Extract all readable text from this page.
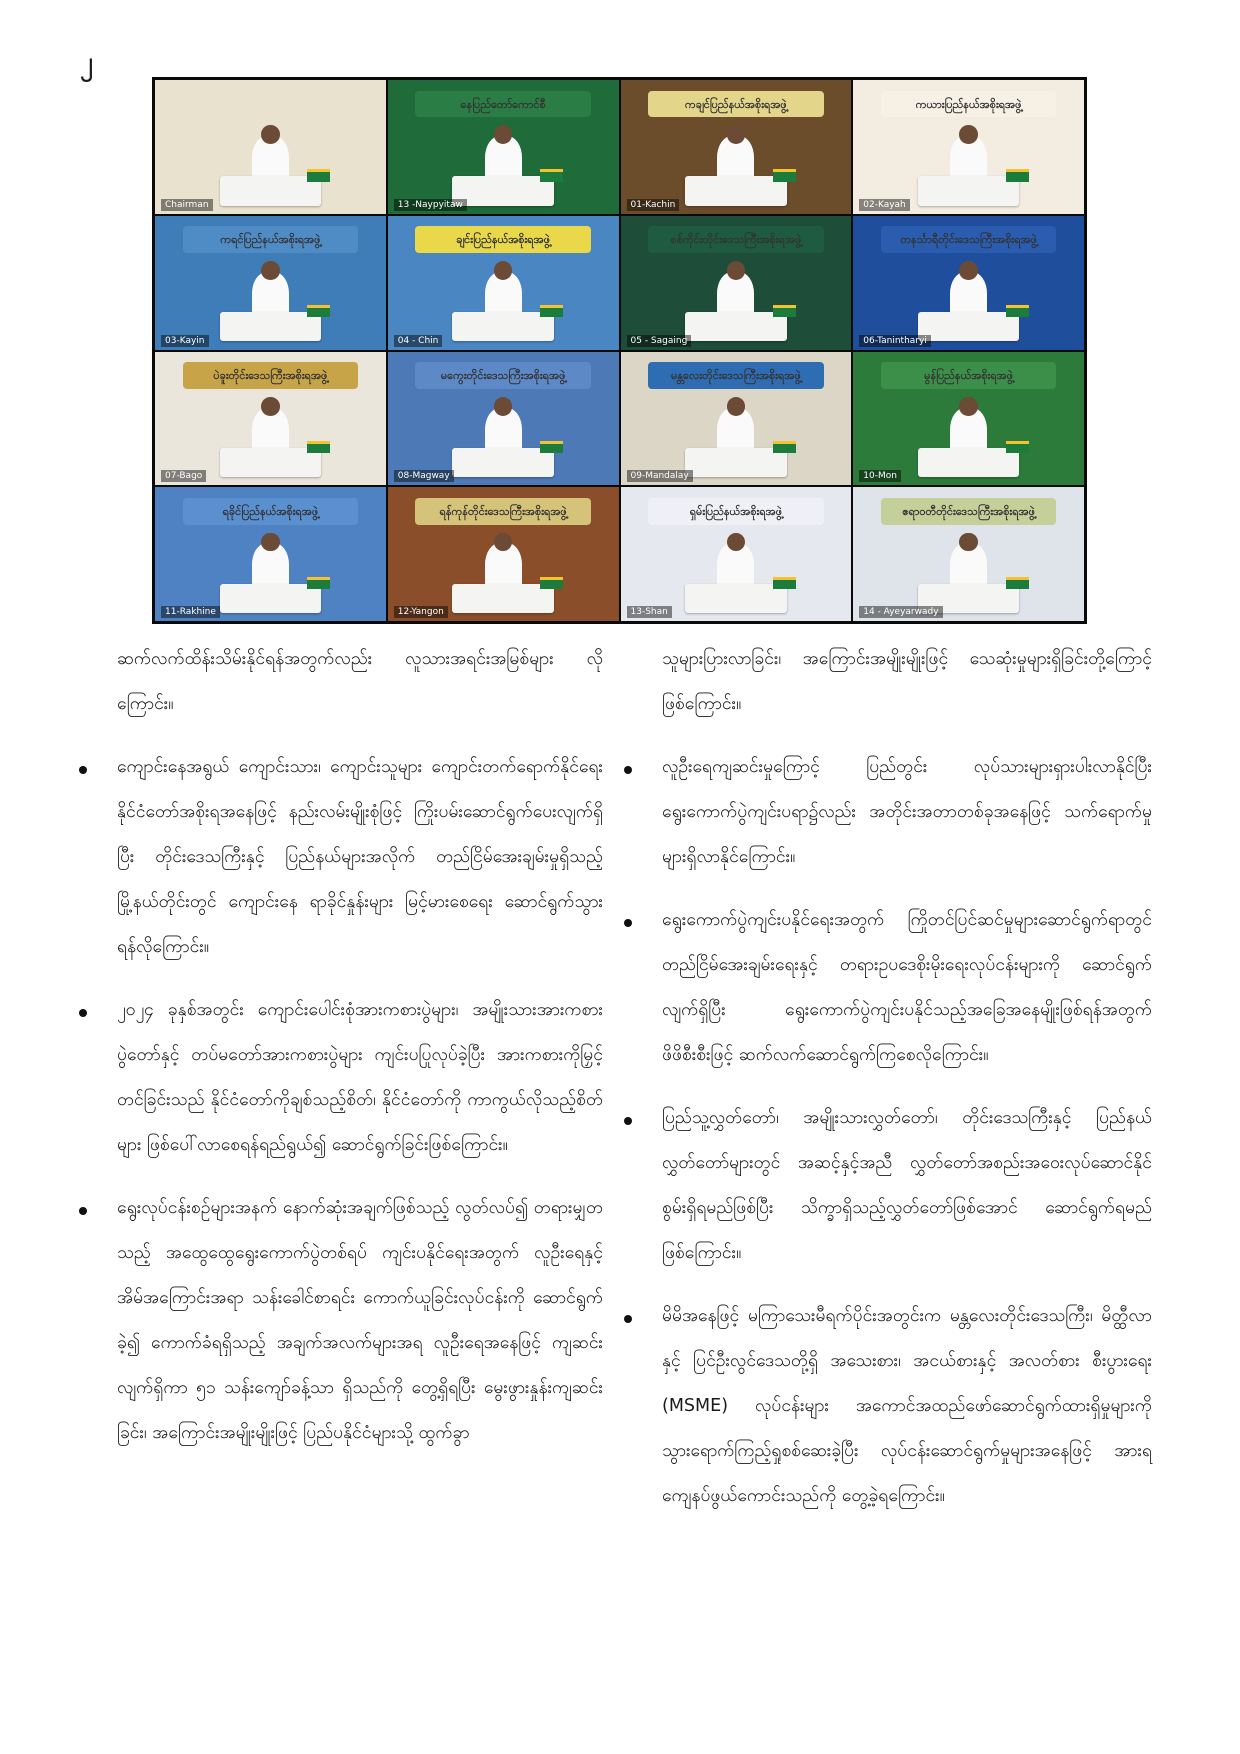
၂
Chairman
နေပြည်တော်ကောင်စီ
13 -Naypyitaw
ကချင်ပြည်နယ်အစိုးရအဖွဲ့
01-Kachin
ကယားပြည်နယ်အစိုးရအဖွဲ့
02-Kayah
ကရင်ပြည်နယ်အစိုးရအဖွဲ့
03-Kayin
ချင်းပြည်နယ်အစိုးရအဖွဲ့
04 - Chin
စစ်ကိုင်းတိုင်းဒေသကြီးအစိုးရအဖွဲ့
05 - Sagaing
တနင်္သာရီတိုင်းဒေသကြီးအစိုးရအဖွဲ့
06-Tanintharyi
ပဲခူးတိုင်းဒေသကြီးအစိုးရအဖွဲ့
07-Bago
မကွေးတိုင်းဒေသကြီးအစိုးရအဖွဲ့
08-Magway
မန္တလေးတိုင်းဒေသကြီးအစိုးရအဖွဲ့
09-Mandalay
မွန်ပြည်နယ်အစိုးရအဖွဲ့
10-Mon
ရခိုင်ပြည်နယ်အစိုးရအဖွဲ့
11-Rakhine
ရန်ကုန်တိုင်းဒေသကြီးအစိုးရအဖွဲ့
12-Yangon
ရှမ်းပြည်နယ်အစိုးရအဖွဲ့
13-Shan
ဧရာဝတီတိုင်းဒေသကြီးအစိုးရအဖွဲ့
14 - Ayeyarwady

ဆက်လက်ထိန်းသိမ်းနိုင်ရန်အတွက်လည်း လူသားအရင်းအမြစ်များ လိုကြောင်း။

ကျောင်းနေအရွယ် ကျောင်းသား၊ ကျောင်းသူများ ကျောင်းတက်ရောက်နိုင်ရေး နိုင်ငံတော်အစိုးရအနေဖြင့် နည်းလမ်းမျိုးစုံဖြင့် ကြိုးပမ်းဆောင်ရွက်ပေးလျက်ရှိပြီး တိုင်းဒေသကြီးနှင့် ပြည်နယ်များအလိုက် တည်ငြိမ်အေးချမ်းမှုရှိသည့် မြို့နယ်တိုင်းတွင် ကျောင်းနေ ရာခိုင်နှုန်းများ မြင့်မားစေရေး ဆောင်ရွက်သွားရန်လိုကြောင်း။

၂၀၂၄ ခုနှစ်အတွင်း ကျောင်းပေါင်းစုံအားကစားပွဲများ၊ အမျိုးသားအားကစားပွဲတော်နှင့် တပ်မတော်အားကစားပွဲများ ကျင်းပပြုလုပ်ခဲ့ပြီး အားကစားကိုမြှင့်တင်ခြင်းသည် နိုင်ငံတော်ကိုချစ်သည့်စိတ်၊ နိုင်ငံတော်ကို ကာကွယ်လိုသည့်စိတ်များ ဖြစ်ပေါ်လာစေရန်ရည်ရွယ်၍ ဆောင်ရွက်ခြင်းဖြစ်ကြောင်း။

ရွေးလုပ်ငန်းစဉ်များအနက် နောက်ဆုံးအချက်ဖြစ်သည့် လွတ်လပ်၍ တရားမျှတသည့် အထွေထွေရွေးကောက်ပွဲတစ်ရပ် ကျင်းပနိုင်ရေးအတွက် လူဦးရေနှင့် အိမ်အကြောင်းအရာ သန်းခေါင်စာရင်း ကောက်ယူခြင်းလုပ်ငန်းကို ဆောင်ရွက်ခဲ့၍ ကောက်ခံရရှိသည့် အချက်အလက်များအရ လူဦးရေအနေဖြင့် ကျဆင်းလျက်ရှိကာ ၅၁ သန်းကျော်ခန့်သာ ရှိသည်ကို တွေ့ရှိရပြီး မွေးဖွားနှုန်းကျဆင်းခြင်း၊ အကြောင်းအမျိုးမျိုးဖြင့် ပြည်ပနိုင်ငံများသို့ ထွက်ခွာ

သူများပြားလာခြင်း၊ အကြောင်းအမျိုးမျိုးဖြင့် သေဆုံးမှုများရှိခြင်းတို့ကြောင့် ဖြစ်ကြောင်း။

လူဦးရေကျဆင်းမှုကြောင့် ပြည်တွင်း လုပ်သားများရှားပါးလာနိုင်ပြီး ရွေးကောက်ပွဲကျင်းပရာ၌လည်း အတိုင်းအတာတစ်ခုအနေဖြင့် သက်ရောက်မှုများရှိလာနိုင်ကြောင်း။

ရွေးကောက်ပွဲကျင်းပနိုင်ရေးအတွက် ကြိုတင်ပြင်ဆင်မှုများဆောင်ရွက်ရာတွင် တည်ငြိမ်အေးချမ်းရေးနှင့် တရားဥပဒေစိုးမိုးရေးလုပ်ငန်းများကို ဆောင်ရွက်လျက်ရှိပြီး ရွေးကောက်ပွဲကျင်းပနိုင်သည့်အခြေအနေမျိုးဖြစ်ရန်အတွက် ဖိဖိစီးစီးဖြင့် ဆက်လက်ဆောင်ရွက်ကြစေလိုကြောင်း။

ပြည်သူ့လွှတ်တော်၊ အမျိုးသားလွှတ်တော်၊ တိုင်းဒေသကြီးနှင့် ပြည်နယ်လွှတ်တော်များတွင် အဆင့်နှင့်အညီ လွှတ်တော်အစည်းအဝေးလုပ်ဆောင်နိုင်စွမ်းရှိရမည်ဖြစ်ပြီး သိက္ခာရှိသည့်လွှတ်တော်ဖြစ်အောင် ဆောင်ရွက်ရမည်ဖြစ်ကြောင်း။

မိမိအနေဖြင့် မကြာသေးမီရက်ပိုင်းအတွင်းက မန္တလေးတိုင်းဒေသကြီး၊ မိတ္ထီလာနှင့် ပြင်ဦးလွင်ဒေသတို့ရှိ အသေးစား၊ အငယ်စားနှင့် အလတ်စား စီးပွားရေး (MSME) လုပ်ငန်းများ အကောင်အထည်ဖော်ဆောင်ရွက်ထားရှိမှုများကို သွားရောက်ကြည့်ရှုစစ်ဆေးခဲ့ပြီး လုပ်ငန်းဆောင်ရွက်မှုများအနေဖြင့် အားရကျေနပ်ဖွယ်ကောင်းသည်ကို တွေ့ခဲ့ရကြောင်း။
